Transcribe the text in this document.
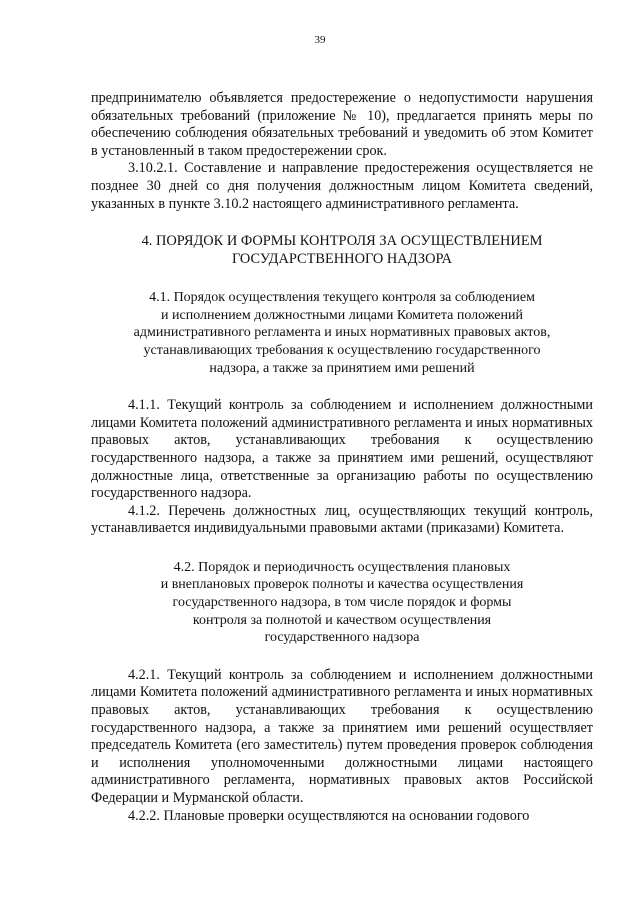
39

предпринимателю объявляется предостережение о недопустимости нарушения обязательных требований (приложение № 10), предлагается принять меры по обеспечению соблюдения обязательных требований и уведомить об этом Комитет в установленный в таком предостережении срок.

3.10.2.1. Составление и направление предостережения осуществляется не позднее 30 дней со дня получения должностным лицом Комитета сведений, указанных в пункте 3.10.2 настоящего административного регламента.

4. ПОРЯДОК И ФОРМЫ КОНТРОЛЯ ЗА ОСУЩЕСТВЛЕНИЕМ
ГОСУДАРСТВЕННОГО НАДЗОРА
4.1. Порядок осуществления текущего контроля за соблюдением
и исполнением должностными лицами Комитета положений
административного регламента и иных нормативных правовых актов,
устанавливающих требования к осуществлению государственного
надзора, а также за принятием ими решений

4.1.1. Текущий контроль за соблюдением и исполнением должностными лицами Комитета положений административного регламента и иных нормативных правовых актов, устанавливающих требования к осуществлению государственного надзора, а также за принятием ими решений, осуществляют должностные лица, ответственные за организацию работы по осуществлению государственного надзора.

4.1.2. Перечень должностных лиц, осуществляющих текущий контроль, устанавливается индивидуальными правовыми актами (приказами) Комитета.

4.2. Порядок и периодичность осуществления плановых
и внеплановых проверок полноты и качества осуществления
государственного надзора, в том числе порядок и формы
контроля за полнотой и качеством осуществления
государственного надзора

4.2.1. Текущий контроль за соблюдением и исполнением должностными лицами Комитета положений административного регламента и иных нормативных правовых актов, устанавливающих требования к осуществлению государственного надзора, а также за принятием ими решений осуществляет председатель Комитета (его заместитель) путем проведения проверок соблюдения и исполнения уполномоченными должностными лицами настоящего административного регламента, нормативных правовых актов Российской Федерации и Мурманской области.

4.2.2. Плановые проверки осуществляются на основании годового
